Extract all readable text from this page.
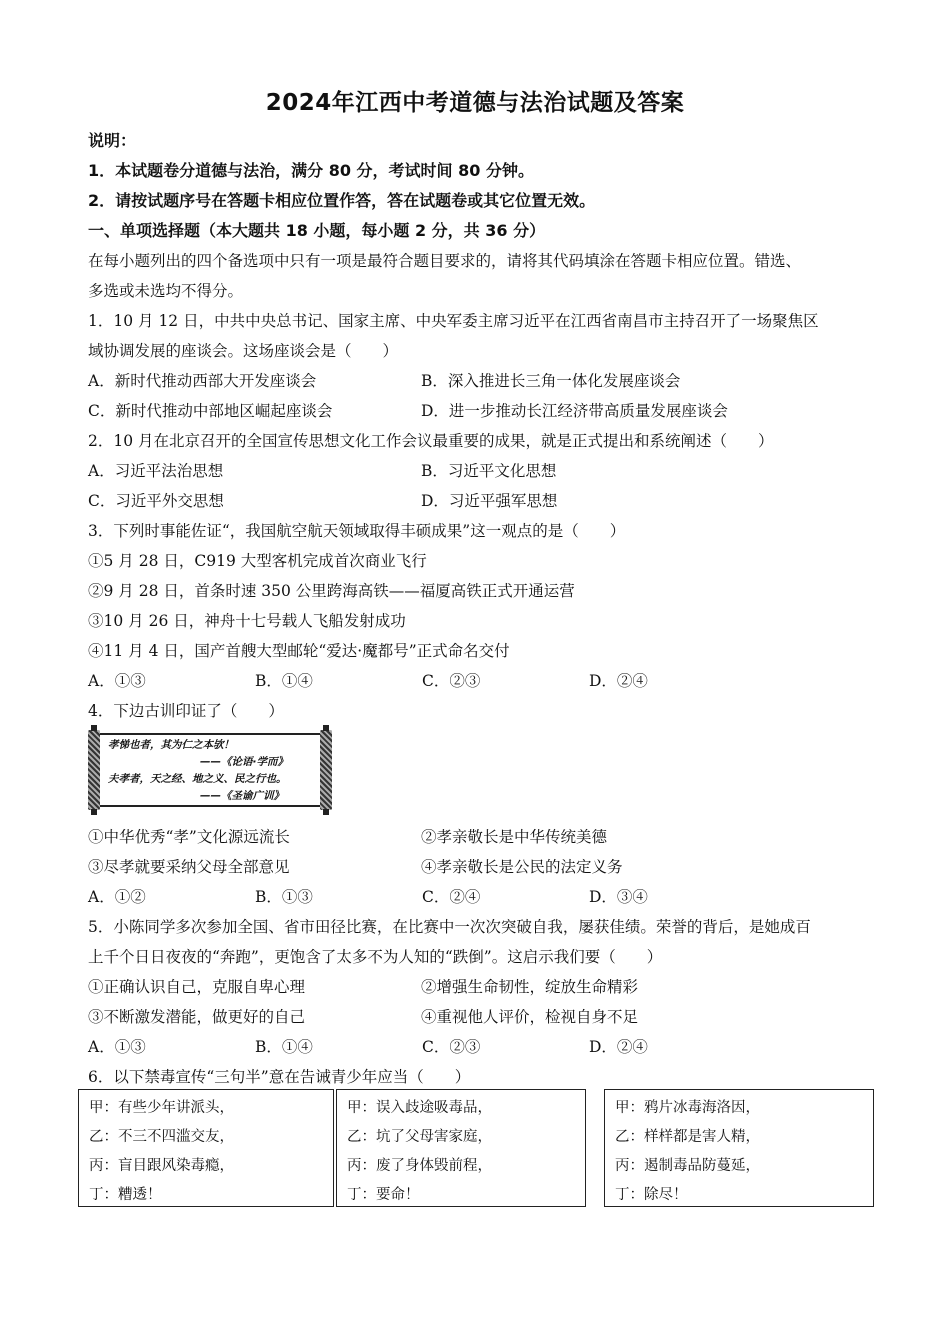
2024年江西中考道德与法治试题及答案
说明：
1．本试题卷分道德与法治，满分 80 分，考试时间 80 分钟。
2．请按试题序号在答题卡相应位置作答，答在试题卷或其它位置无效。
一、单项选择题（本大题共 18 小题，每小题 2 分，共 36 分）
在每小题列出的四个备选项中只有一项是最符合题目要求的，请将其代码填涂在答题卡相应位置。错选、
多选或未选均不得分。
1．10 月 12 日，中共中央总书记、国家主席、中央军委主席习近平在江西省南昌市主持召开了一场聚焦区
域协调发展的座谈会。这场座谈会是（　　）
A．新时代推动西部大开发座谈会	B．深入推进长三角一体化发展座谈会
C．新时代推动中部地区崛起座谈会	D．进一步推动长江经济带高质量发展座谈会
2．10 月在北京召开的全国宣传思想文化工作会议最重要的成果，就是正式提出和系统阐述（　　）
A．习近平法治思想	B．习近平文化思想
C．习近平外交思想	D．习近平强军思想
3．下列时事能佐证“，我国航空航天领域取得丰硕成果”这一观点的是（　　）
①5 月 28 日，C919 大型客机完成首次商业飞行
②9 月 28 日，首条时速 350 公里跨海高铁——福厦高铁正式开通运营
③10 月 26 日，神舟十七号载人飞船发射成功
④11 月 4 日，国产首艘大型邮轮“爱达·魔都号”正式命名交付
A．①③	B．①④	C．②③	D．②④
4．下边古训印证了（　　）
孝悌也者，其为仁之本欤！
——《论语·学而》
夫孝者，天之经、地之义、民之行也。
——《圣谕广训》
①中华优秀“孝”文化源远流长	②孝亲敬长是中华传统美德
③尽孝就要采纳父母全部意见	④孝亲敬长是公民的法定义务
A．①②	B．①③	C．②④	D．③④
5．小陈同学多次参加全国、省市田径比赛，在比赛中一次次突破自我，屡获佳绩。荣誉的背后，是她成百
上千个日日夜夜的“奔跑”，更饱含了太多不为人知的“跌倒”。这启示我们要（　　）
①正确认识自己，克服自卑心理	②增强生命韧性，绽放生命精彩
③不断激发潜能，做更好的自己	④重视他人评价，检视自身不足
A．①③	B．①④	C．②③	D．②④
6．以下禁毒宣传“三句半”意在告诫青少年应当（　　）
甲：有些少年讲派头，
乙：不三不四滥交友，
丙：盲目跟风染毒瘾，
丁：糟透！
甲：误入歧途吸毒品，
乙：坑了父母害家庭，
丙：废了身体毁前程，
丁：要命！
甲：鸦片冰毒海洛因，
乙：样样都是害人精，
丙：遏制毒品防蔓延，
丁：除尽！
